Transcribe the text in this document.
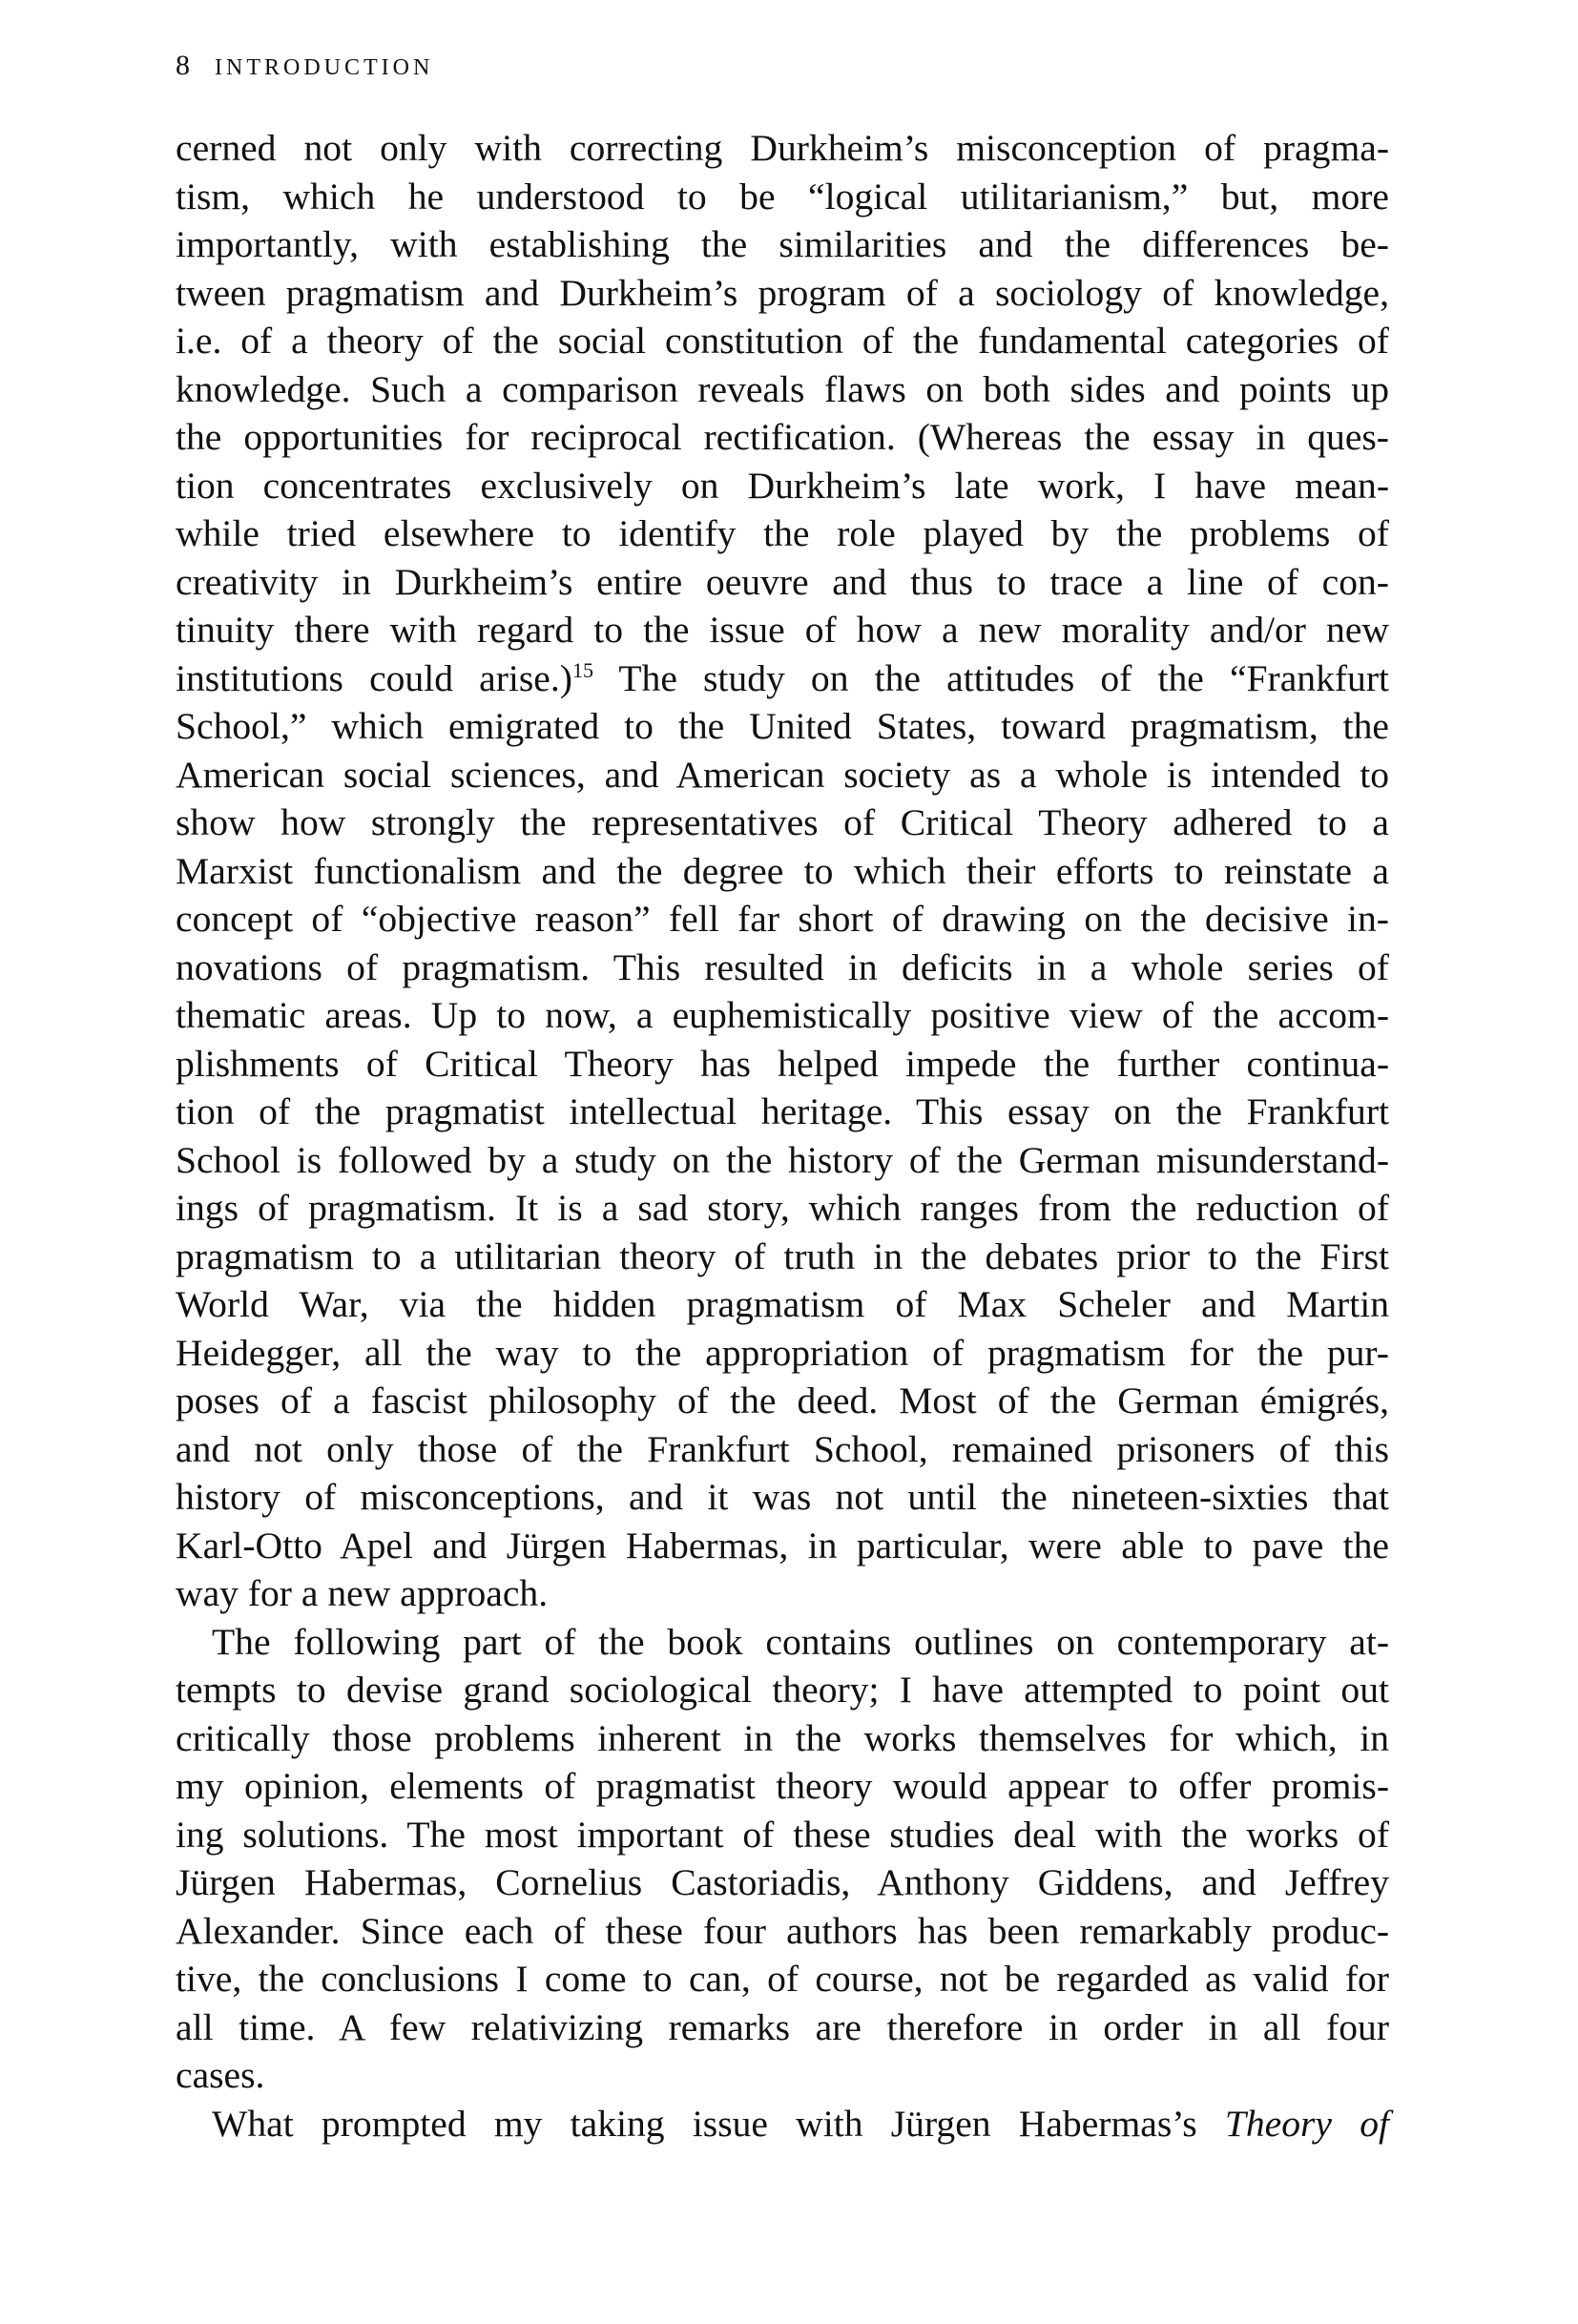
8 INTRODUCTION
cerned not only with correcting Durkheim’s misconception of pragma-
tism, which he understood to be “logical utilitarianism,” but, more
importantly, with establishing the similarities and the differences be-
tween pragmatism and Durkheim’s program of a sociology of knowledge,
i.e. of a theory of the social constitution of the fundamental categories of
knowledge. Such a comparison reveals flaws on both sides and points up
the opportunities for reciprocal rectification. (Whereas the essay in ques-
tion concentrates exclusively on Durkheim’s late work, I have mean-
while tried elsewhere to identify the role played by the problems of
creativity in Durkheim’s entire oeuvre and thus to trace a line of con-
tinuity there with regard to the issue of how a new morality and/or new
institutions could arise.)$^{15}$ The study on the attitudes of the “Frankfurt
School,” which emigrated to the United States, toward pragmatism, the
American social sciences, and American society as a whole is intended to
show how strongly the representatives of Critical Theory adhered to a
Marxist functionalism and the degree to which their efforts to reinstate a
concept of “objective reason” fell far short of drawing on the decisive in-
novations of pragmatism. This resulted in deficits in a whole series of
thematic areas. Up to now, a euphemistically positive view of the accom-
plishments of Critical Theory has helped impede the further continua-
tion of the pragmatist intellectual heritage. This essay on the Frankfurt
School is followed by a study on the history of the German misunderstand-
ings of pragmatism. It is a sad story, which ranges from the reduction of
pragmatism to a utilitarian theory of truth in the debates prior to the First
World War, via the hidden pragmatism of Max Scheler and Martin
Heidegger, all the way to the appropriation of pragmatism for the pur-
poses of a fascist philosophy of the deed. Most of the German émigrés,
and not only those of the Frankfurt School, remained prisoners of this
history of misconceptions, and it was not until the nineteen-sixties that
Karl-Otto Apel and Jürgen Habermas, in particular, were able to pave the
way for a new approach.
The following part of the book contains outlines on contemporary at-
tempts to devise grand sociological theory; I have attempted to point out
critically those problems inherent in the works themselves for which, in
my opinion, elements of pragmatist theory would appear to offer promis-
ing solutions. The most important of these studies deal with the works of
Jürgen Habermas, Cornelius Castoriadis, Anthony Giddens, and Jeffrey
Alexander. Since each of these four authors has been remarkably produc-
tive, the conclusions I come to can, of course, not be regarded as valid for
all time. A few relativizing remarks are therefore in order in all four
cases.
What prompted my taking issue with Jürgen Habermas’s Theory of
